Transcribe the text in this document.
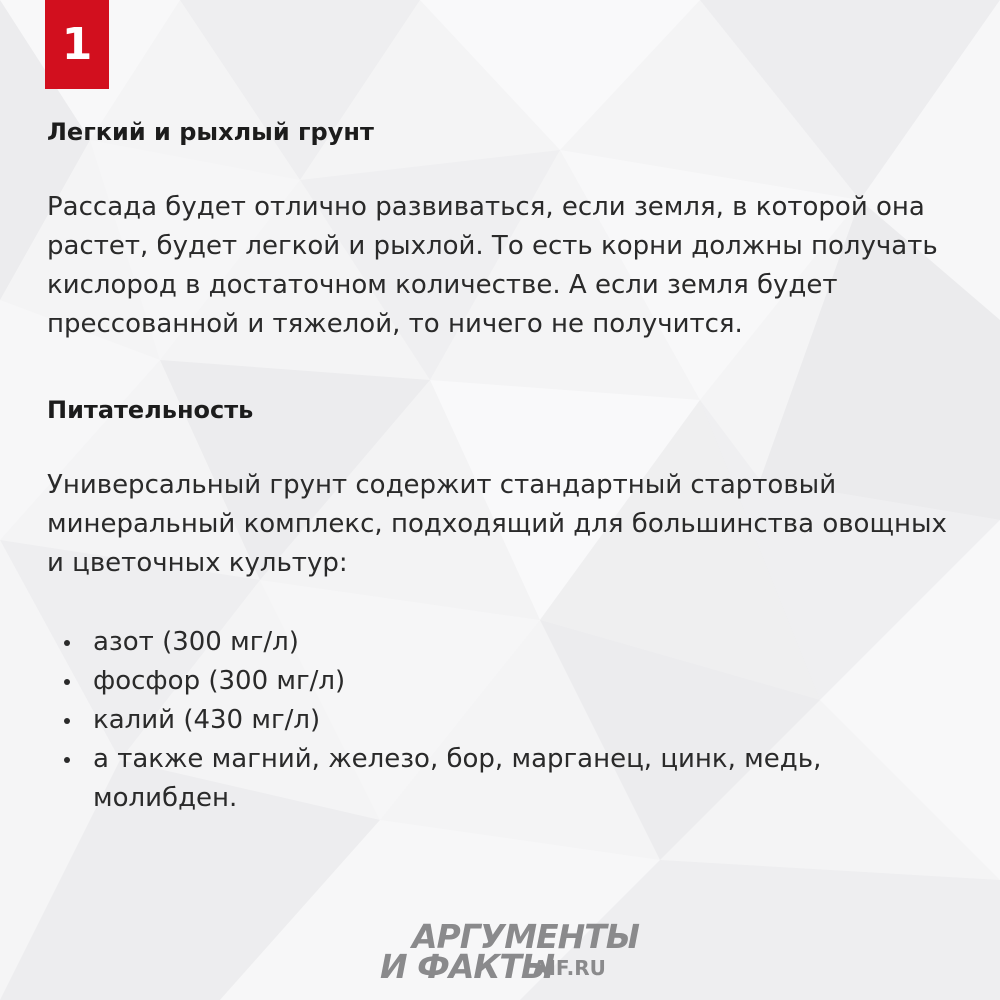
1
Легкий и рыхлый грунт

Рассада будет отлично развиваться, если земля, в которой она растет, будет легкой и рыхлой. То есть корни должны получать кислород в достаточном количестве. А если земля будет прессованной и тяжелой, то ничего не получится.

Питательность

Универсальный грунт содержит стандартный стартовый минеральный комплекс, подходящий для большинства овощных и цветочных культур:

азот (300 мг/л)
фосфор (300 мг/л)
калий (430 мг/л)
а также магний, железо, бор, марганец, цинк, медь, молибден.
АРГУМЕНТЫ
И ФАКТЫ
AIF.RU
